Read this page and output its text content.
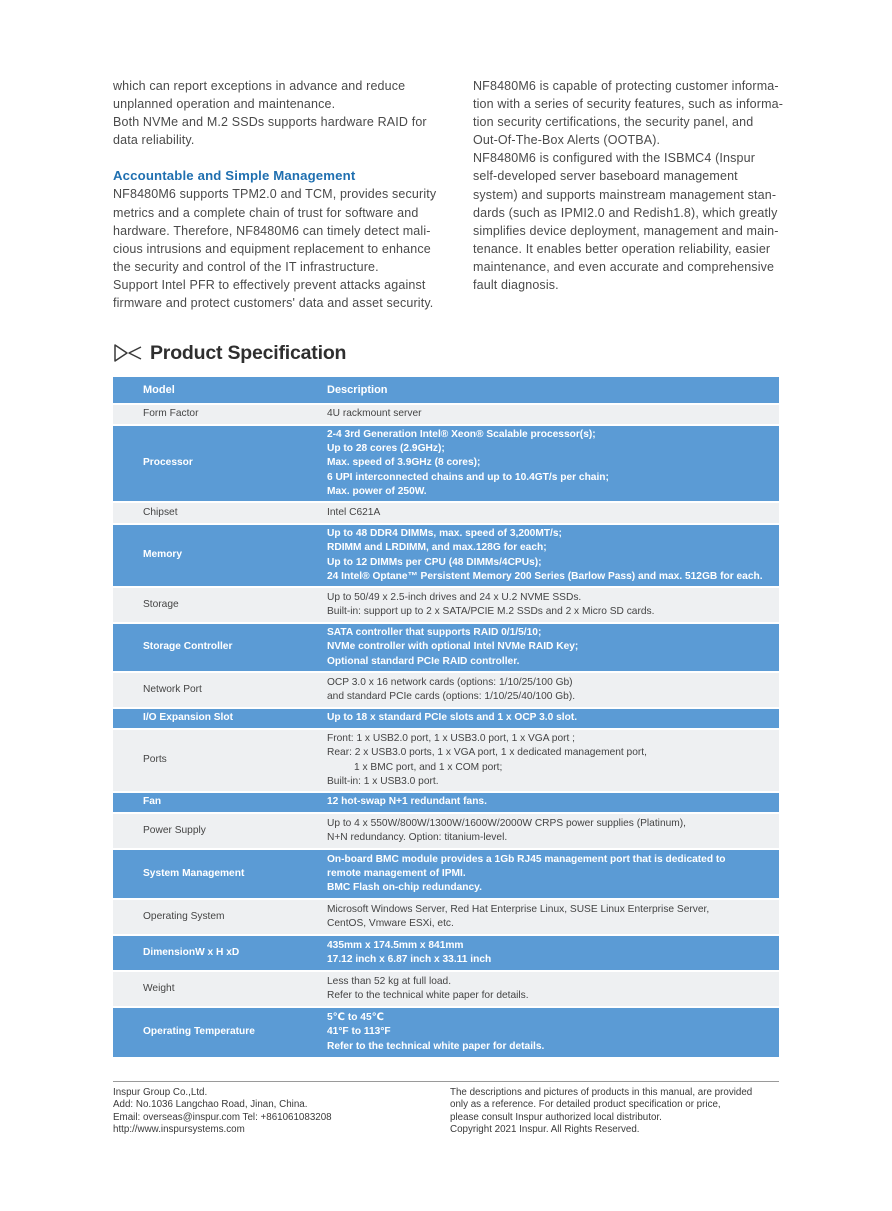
which can report exceptions in advance and reduce
unplanned operation and maintenance.

Both NVMe and M.2 SSDs supports hardware RAID for
data reliability.

Accountable and Simple Management

NF8480M6 supports TPM2.0 and TCM, provides security
metrics and a complete chain of trust for software and
hardware. Therefore, NF8480M6 can timely detect mali-
cious intrusions and equipment replacement to enhance
the security and control of the IT infrastructure.

Support Intel PFR to effectively prevent attacks against
firmware and protect customers' data and asset security.

NF8480M6 is capable of protecting customer informa-
tion with a series of security features, such as informa-
tion security certifications, the security panel, and
Out-Of-The-Box Alerts (OOTBA).

NF8480M6 is configured with the ISBMC4 (Inspur
self-developed server baseboard management
system) and supports mainstream management stan-
dards (such as IPMI2.0 and Redish1.8), which greatly
simplifies device deployment, management and main-
tenance. It enables better operation reliability, easier
maintenance, and even accurate and comprehensive
fault diagnosis.

Product Specification
Model	Description
Form Factor	4U rackmount server

Processor	2-4 3rd Generation Intel® Xeon® Scalable processor(s);
Up to 28 cores (2.9GHz);
Max. speed of 3.9GHz (8 cores);
6 UPI interconnected chains and up to 10.4GT/s per chain;
Max. power of 250W.

Chipset	Intel C621A

Memory	Up to 48 DDR4 DIMMs, max. speed of 3,200MT/s;
RDIMM and LRDIMM, and max.128G for each;
Up to 12 DIMMs per CPU (48 DIMMs/4CPUs);
24 Intel® Optane™ Persistent Memory 200 Series (Barlow Pass) and max. 512GB for each.

Storage	Up to 50/49 x 2.5-inch drives and 24 x U.2 NVME SSDs.
Built-in: support up to 2 x SATA/PCIE M.2 SSDs and 2 x Micro SD cards.

Storage Controller	SATA controller that supports RAID 0/1/5/10;
NVMe controller with optional Intel NVMe RAID Key;
Optional standard PCIe RAID controller.

Network Port	OCP 3.0 x 16 network cards (options: 1/10/25/100 Gb)
and standard PCIe cards (options: 1/10/25/40/100 Gb).

I/O Expansion Slot	Up to 18 x standard PCIe slots and 1 x OCP 3.0 slot.

Ports	Front: 1 x USB2.0 port, 1 x USB3.0 port, 1 x VGA port ;
Rear: 2 x USB3.0 ports, 1 x VGA port, 1 x dedicated management port,
1 x BMC port, and 1 x COM port;
Built-in: 1 x USB3.0 port.

Fan	12 hot-swap N+1 redundant fans.

Power Supply	Up to 4 x 550W/800W/1300W/1600W/2000W CRPS power supplies (Platinum),
N+N redundancy. Option: titanium-level.

System Management	On-board BMC module provides a 1Gb RJ45 management port that is dedicated to
remote management of IPMI.
BMC Flash on-chip redundancy.

Operating System	Microsoft Windows Server, Red Hat Enterprise Linux, SUSE Linux Enterprise Server,
CentOS, Vmware ESXi, etc.

DimensionW x H xD	435mm x 174.5mm x 841mm
17.12 inch x 6.87 inch x 33.11 inch

Weight	Less than 52 kg at full load.
Refer to the technical white paper for details.

Operating Temperature	5℃ to 45℃
41°F to 113°F
Refer to the technical white paper for details.
Inspur Group Co.,Ltd.
Add: No.1036 Langchao Road, Jinan, China.
Email: overseas@inspur.com Tel: +861061083208
http://www.inspursystems.com
The descriptions and pictures of products in this manual, are provided
only as a reference. For detailed product specification or price,
please consult Inspur authorized local distributor.
Copyright 2021 Inspur. All Rights Reserved.
